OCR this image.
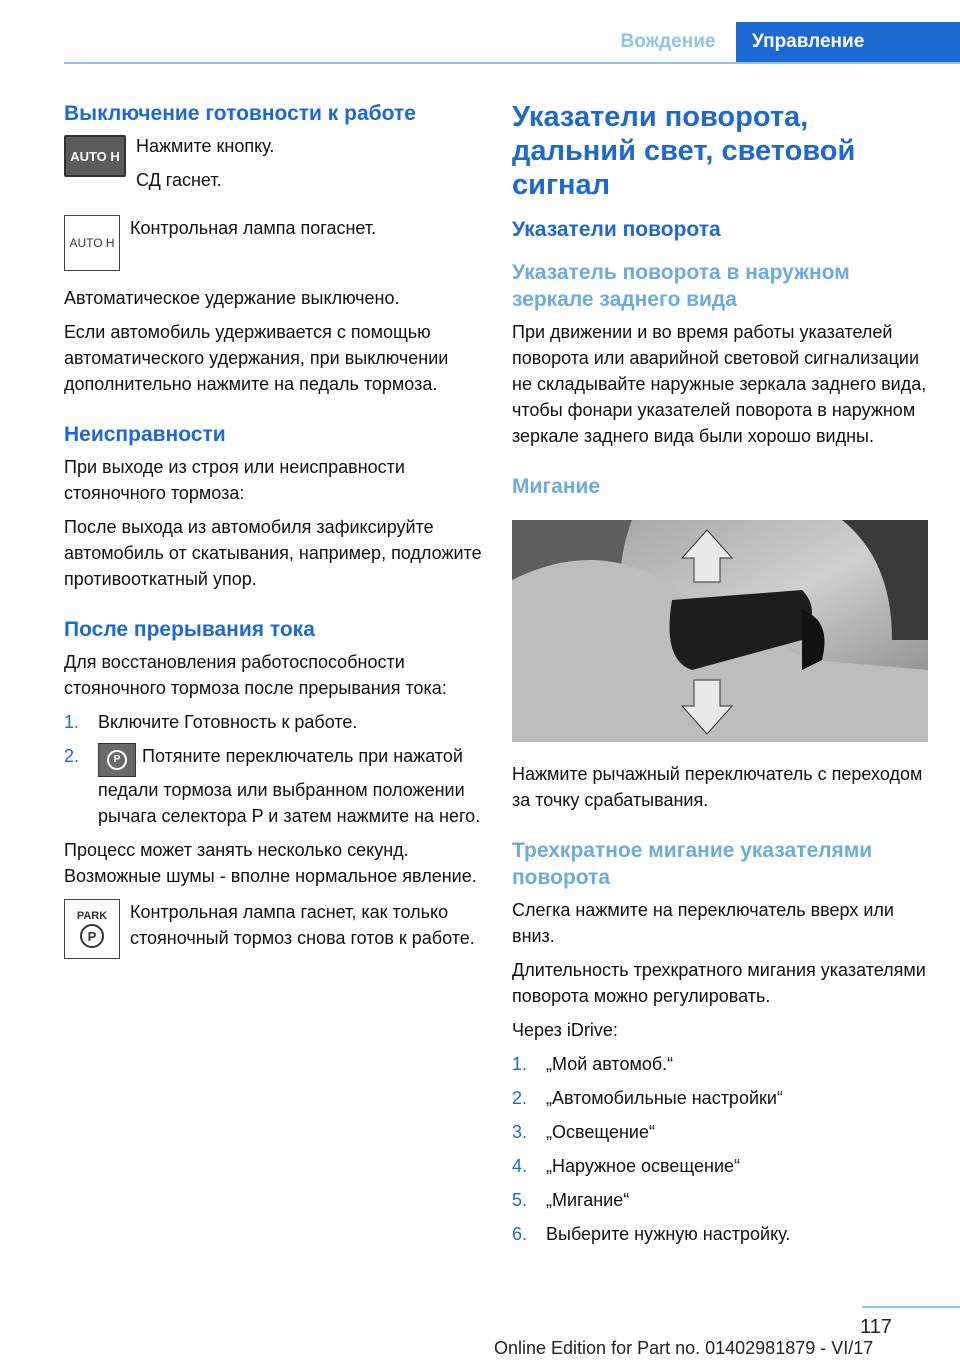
Вождение	Управление
Выключение готовности к работе
AUTO H Нажмите кнопку.

СД гаснет.

AUTO H

Контрольная лампа погаснет.

Автоматическое удержание выключено.

Если автомобиль удерживается с помощью автоматического удержания, при выключении дополнительно нажмите на педаль тормоза.

Неисправности

При выходе из строя или неисправности стояночного тормоза:

После выхода из автомобиля зафиксируйте автомобиль от скатывания, например, подложите противооткатный упор.

После прерывания тока

Для восстановления работоспособности стояночного тормоза после прерывания тока:

1.	Включите Готовность к работе.
2.	P	Потяните переключатель при нажатой педали тормоза или выбранном положении рычага селектора P и затем нажмите на него.

Процесс может занять несколько секунд. Возможные шумы - вполне нормальное явление.

PARK
P

Контрольная лампа гаснет, как только стояночный тормоз снова готов к работе.

Указатели поворота, дальний свет, световой сигнал
Указатели поворота
Указатель поворота в наружном зеркале заднего вида

При движении и во время работы указателей поворота или аварийной световой сигнализации не складывайте наружные зеркала заднего вида, чтобы фонари указателей поворота в наружном зеркале заднего вида были хорошо видны.

Мигание

Нажмите рычажный переключатель с переходом за точку срабатывания.

Трехкратное мигание указателями поворота

Слегка нажмите на переключатель вверх или вниз.

Длительность трехкратного мигания указателями поворота можно регулировать.

Через iDrive:

1.	„Мой автомоб.“
2.	„Автомобильные настройки“
3.	„Освещение“
4.	„Наружное освещение“
5.	„Мигание“
6.	Выберите нужную настройку.
117
Online Edition for Part no. 01402981879 - VI/17
